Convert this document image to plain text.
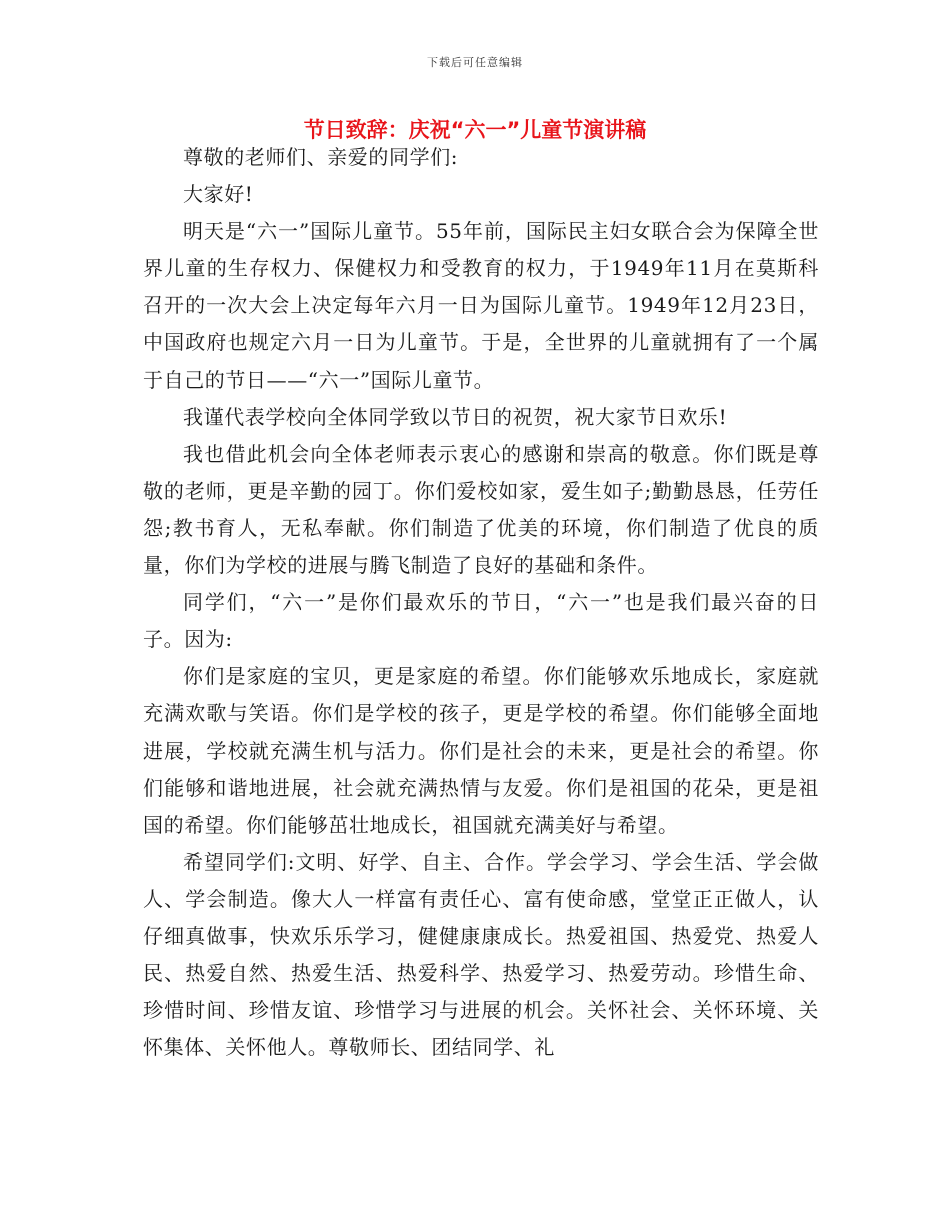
下载后可任意编辑
节日致辞：庆祝“六一”儿童节演讲稿

尊敬的老师们、亲爱的同学们:

大家好!

明天是“六一”国际儿童节。55年前，国际民主妇女联合会为保障全世界儿童的生存权力、保健权力和受教育的权力，于1949年11月在莫斯科召开的一次大会上决定每年六月一日为国际儿童节。1949年12月23日，中国政府也规定六月一日为儿童节。于是，全世界的儿童就拥有了一个属于自己的节日——“六一”国际儿童节。

我谨代表学校向全体同学致以节日的祝贺，祝大家节日欢乐!

我也借此机会向全体老师表示衷心的感谢和崇高的敬意。你们既是尊敬的老师，更是辛勤的园丁。你们爱校如家，爱生如子;勤勤恳恳，任劳任怨;教书育人，无私奉献。你们制造了优美的环境，你们制造了优良的质量，你们为学校的进展与腾飞制造了良好的基础和条件。

同学们，“六一”是你们最欢乐的节日，“六一”也是我们最兴奋的日子。因为:

你们是家庭的宝贝，更是家庭的希望。你们能够欢乐地成长，家庭就充满欢歌与笑语。你们是学校的孩子，更是学校的希望。你们能够全面地进展，学校就充满生机与活力。你们是社会的未来，更是社会的希望。你们能够和谐地进展，社会就充满热情与友爱。你们是祖国的花朵，更是祖国的希望。你们能够茁壮地成长，祖国就充满美好与希望。

希望同学们:文明、好学、自主、合作。学会学习、学会生活、学会做人、学会制造。像大人一样富有责任心、富有使命感，堂堂正正做人，认仔细真做事，快欢乐乐学习，健健康康成长。热爱祖国、热爱党、热爱人民、热爱自然、热爱生活、热爱科学、热爱学习、热爱劳动。珍惜生命、珍惜时间、珍惜友谊、珍惜学习与进展的机会。关怀社会、关怀环境、关怀集体、关怀他人。尊敬师长、团结同学、礼
